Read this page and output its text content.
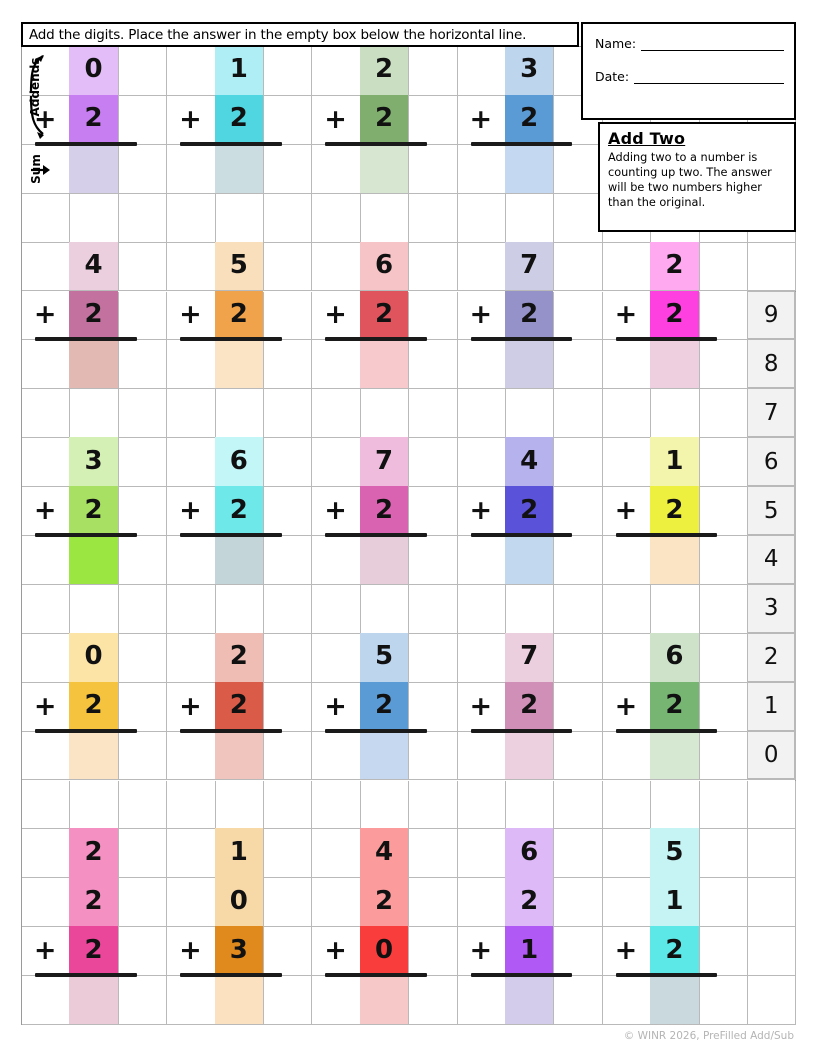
0
2
+
1
2
+
2
2
+
3
2
+
4
2
+
5
2
+
6
2
+
7
2
+
2
2
+
3
2
+
6
2
+
7
2
+
4
2
+
1
2
+
0
2
+
2
2
+
5
2
+
7
2
+
6
2
+
2
2
2
+
1
0
3
+
4
2
0
+
6
2
1
+
5
1
2
+
9
8
7
6
5
4
3
2
1
0
Addends
Sum
Add the digits. Place the answer in the empty box below the horizontal line.
Name:
Date:
Add Two
Adding two to a number is counting up two. The answer will be two numbers higher than the original.
© WINR 2026, PreFilled Add/Sub
